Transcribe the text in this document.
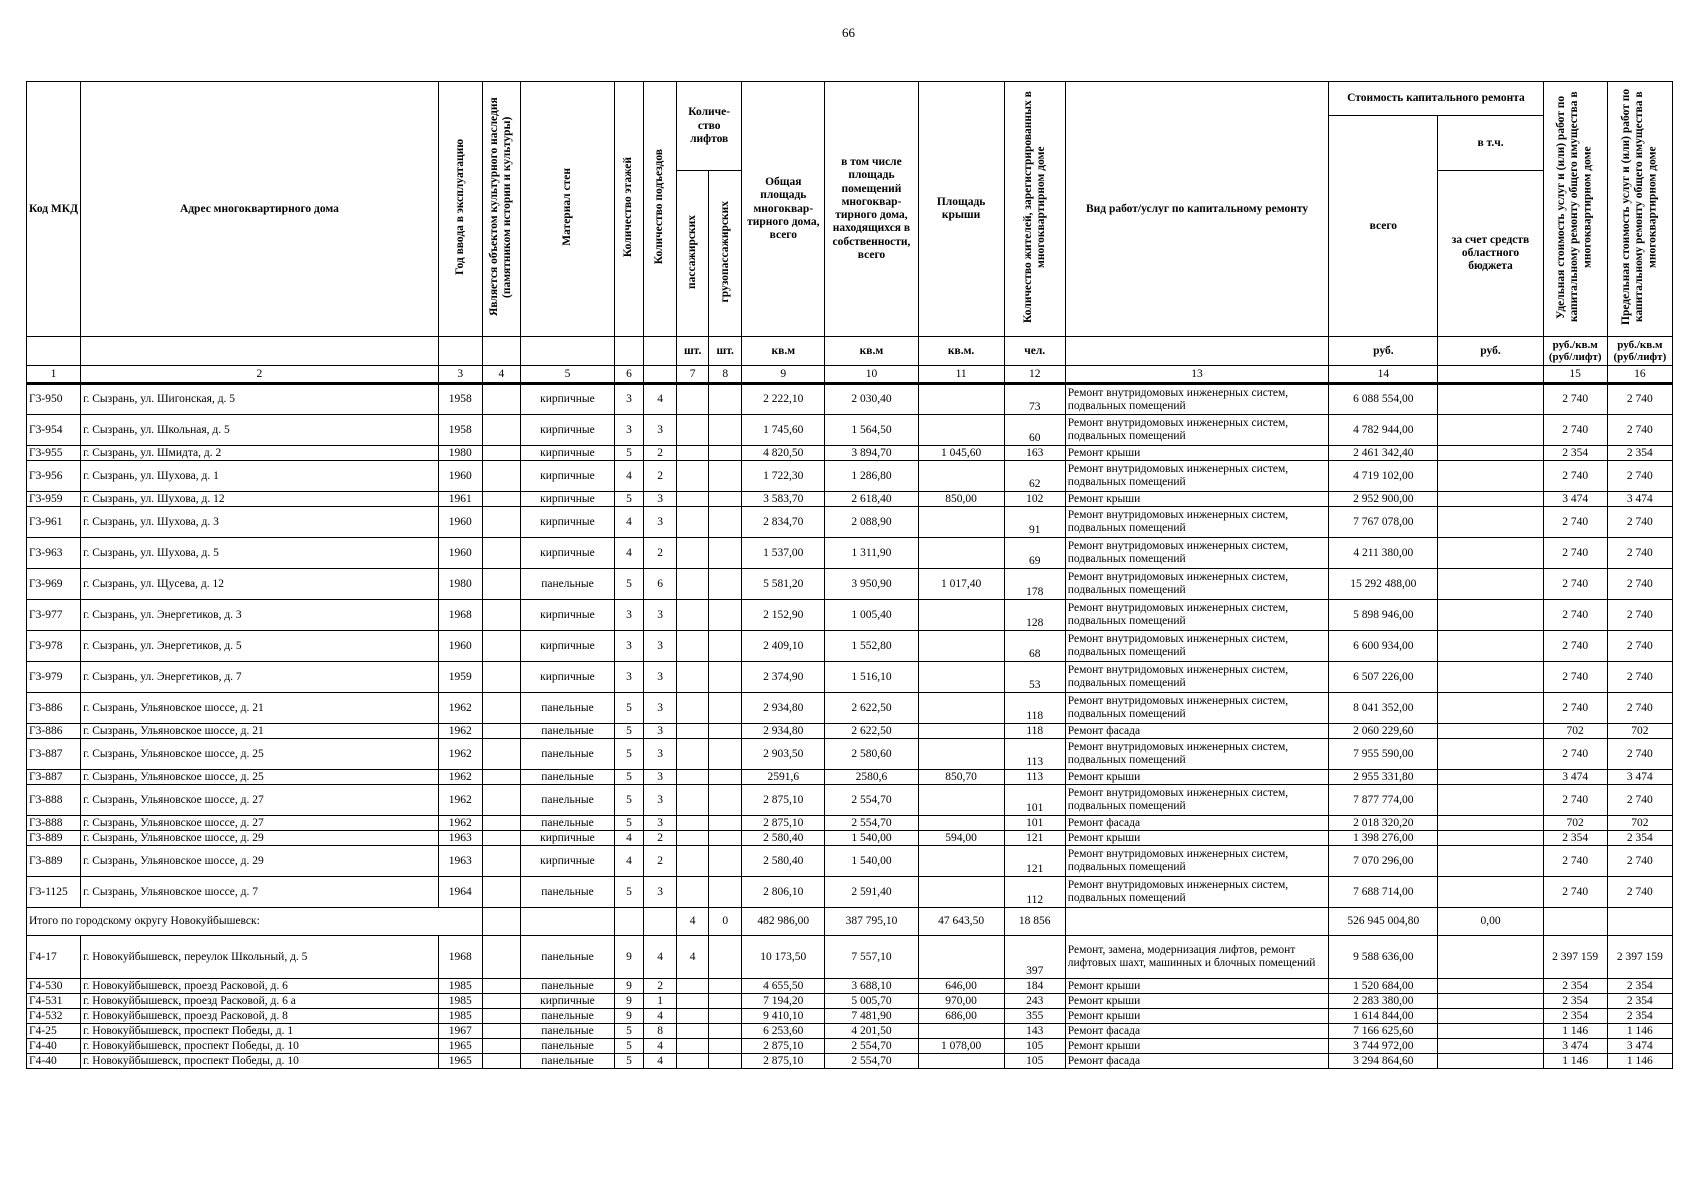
66
Код МКД	Адрес многоквартирного дома	Год ввода в эксплуатацию	Является объектом культурного наследия (памятником истории и культуры)	Материал стен	Количество этажей	Количество подъездов	Количе-ство лифтов		Общая площадь многоквар-тирного дома, всего	в том числе площадь помещений многоквар-тирного дома, находящихся в собственности, всего	Площадь крыши	Количество жителей, зарегистрированных в многоквартирном доме	Вид работ/услуг по капитальному ремонту	Стоимость капитального ремонта		Удельная стоимость услуг и (или) работ по капитальному ремонту общего имущества в многоквартирном доме	Предельная стоимость услуг и (или) работ по капитальному ремонту общего имущества в многоквартирном доме
														всего	в т.ч.		
							пассажирских	грузопассажирских							за счет средств областного бюджета		
							шт.	шт.	кв.м	кв.м	кв.м.	чел.		руб.	руб.	руб./кв.м (руб/лифт)	руб./кв.м (руб/лифт)
1	2	3	4	5	6		7	8	9	10	11	12	13	14		15	16
Г3-950	г. Сызрань, ул. Шигонская, д. 5	1958		кирпичные	3	4			2 222,10	2 030,40		73	Ремонт внутридомовых инженерных систем, подвальных помещений	6 088 554,00		2 740	2 740
Г3-954	г. Сызрань, ул. Школьная, д. 5	1958		кирпичные	3	3			1 745,60	1 564,50		60	Ремонт внутридомовых инженерных систем, подвальных помещений	4 782 944,00		2 740	2 740
Г3-955	г. Сызрань, ул. Шмидта, д. 2	1980		кирпичные	5	2			4 820,50	3 894,70	1 045,60	163	Ремонт крыши	2 461 342,40		2 354	2 354
Г3-956	г. Сызрань, ул. Шухова, д. 1	1960		кирпичные	4	2			1 722,30	1 286,80		62	Ремонт внутридомовых инженерных систем, подвальных помещений	4 719 102,00		2 740	2 740
Г3-959	г. Сызрань, ул. Шухова, д. 12	1961		кирпичные	5	3			3 583,70	2 618,40	850,00	102	Ремонт крыши	2 952 900,00		3 474	3 474
Г3-961	г. Сызрань, ул. Шухова, д. 3	1960		кирпичные	4	3			2 834,70	2 088,90		91	Ремонт внутридомовых инженерных систем, подвальных помещений	7 767 078,00		2 740	2 740
Г3-963	г. Сызрань, ул. Шухова, д. 5	1960		кирпичные	4	2			1 537,00	1 311,90		69	Ремонт внутридомовых инженерных систем, подвальных помещений	4 211 380,00		2 740	2 740
Г3-969	г. Сызрань, ул. Щусева, д. 12	1980		панельные	5	6			5 581,20	3 950,90	1 017,40	178	Ремонт внутридомовых инженерных систем, подвальных помещений	15 292 488,00		2 740	2 740
Г3-977	г. Сызрань, ул. Энергетиков, д. 3	1968		кирпичные	3	3			2 152,90	1 005,40		128	Ремонт внутридомовых инженерных систем, подвальных помещений	5 898 946,00		2 740	2 740
Г3-978	г. Сызрань, ул. Энергетиков, д. 5	1960		кирпичные	3	3			2 409,10	1 552,80		68	Ремонт внутридомовых инженерных систем, подвальных помещений	6 600 934,00		2 740	2 740
Г3-979	г. Сызрань, ул. Энергетиков, д. 7	1959		кирпичные	3	3			2 374,90	1 516,10		53	Ремонт внутридомовых инженерных систем, подвальных помещений	6 507 226,00		2 740	2 740
Г3-886	г. Сызрань, Ульяновское шоссе, д. 21	1962		панельные	5	3			2 934,80	2 622,50		118	Ремонт внутридомовых инженерных систем, подвальных помещений	8 041 352,00		2 740	2 740
Г3-886	г. Сызрань, Ульяновское шоссе, д. 21	1962		панельные	5	3			2 934,80	2 622,50		118	Ремонт фасада	2 060 229,60		702	702
Г3-887	г. Сызрань, Ульяновское шоссе, д. 25	1962		панельные	5	3			2 903,50	2 580,60		113	Ремонт внутридомовых инженерных систем, подвальных помещений	7 955 590,00		2 740	2 740
Г3-887	г. Сызрань, Ульяновское шоссе, д. 25	1962		панельные	5	3			2591,6	2580,6	850,70	113	Ремонт крыши	2 955 331,80		3 474	3 474
Г3-888	г. Сызрань, Ульяновское шоссе, д. 27	1962		панельные	5	3			2 875,10	2 554,70		101	Ремонт внутридомовых инженерных систем, подвальных помещений	7 877 774,00		2 740	2 740
Г3-888	г. Сызрань, Ульяновское шоссе, д. 27	1962		панельные	5	3			2 875,10	2 554,70		101	Ремонт фасада	2 018 320,20		702	702
Г3-889	г. Сызрань, Ульяновское шоссе, д. 29	1963		кирпичные	4	2			2 580,40	1 540,00	594,00	121	Ремонт крыши	1 398 276,00		2 354	2 354
Г3-889	г. Сызрань, Ульяновское шоссе, д. 29	1963		кирпичные	4	2			2 580,40	1 540,00		121	Ремонт внутридомовых инженерных систем, подвальных помещений	7 070 296,00		2 740	2 740
Г3-1125	г. Сызрань, Ульяновское шоссе, д. 7	1964		панельные	5	3			2 806,10	2 591,40		112	Ремонт внутридомовых инженерных систем, подвальных помещений	7 688 714,00		2 740	2 740
Итого по городскому округу Новокуйбышевск:							4	0	482 986,00	387 795,10	47 643,50	18 856		526 945 004,80	0,00		
Г4-17	г. Новокуйбышевск, переулок Школьный, д. 5	1968		панельные	9	4	4		10 173,50	7 557,10		397	Ремонт, замена, модернизация лифтов, ремонт лифтовых шахт, машинных и блочных помещений	9 588 636,00		2 397 159	2 397 159
Г4-530	г. Новокуйбышевск, проезд Расковой, д. 6	1985		панельные	9	2			4 655,50	3 688,10	646,00	184	Ремонт крыши	1 520 684,00		2 354	2 354
Г4-531	г. Новокуйбышевск, проезд Расковой, д. 6 а	1985		кирпичные	9	1			7 194,20	5 005,70	970,00	243	Ремонт крыши	2 283 380,00		2 354	2 354
Г4-532	г. Новокуйбышевск, проезд Расковой, д. 8	1985		панельные	9	4			9 410,10	7 481,90	686,00	355	Ремонт крыши	1 614 844,00		2 354	2 354
Г4-25	г. Новокуйбышевск, проспект Победы, д. 1	1967		панельные	5	8			6 253,60	4 201,50		143	Ремонт фасада	7 166 625,60		1 146	1 146
Г4-40	г. Новокуйбышевск, проспект Победы, д. 10	1965		панельные	5	4			2 875,10	2 554,70	1 078,00	105	Ремонт крыши	3 744 972,00		3 474	3 474
Г4-40	г. Новокуйбышевск, проспект Победы, д. 10	1965		панельные	5	4			2 875,10	2 554,70		105	Ремонт фасада	3 294 864,60		1 146	1 146
